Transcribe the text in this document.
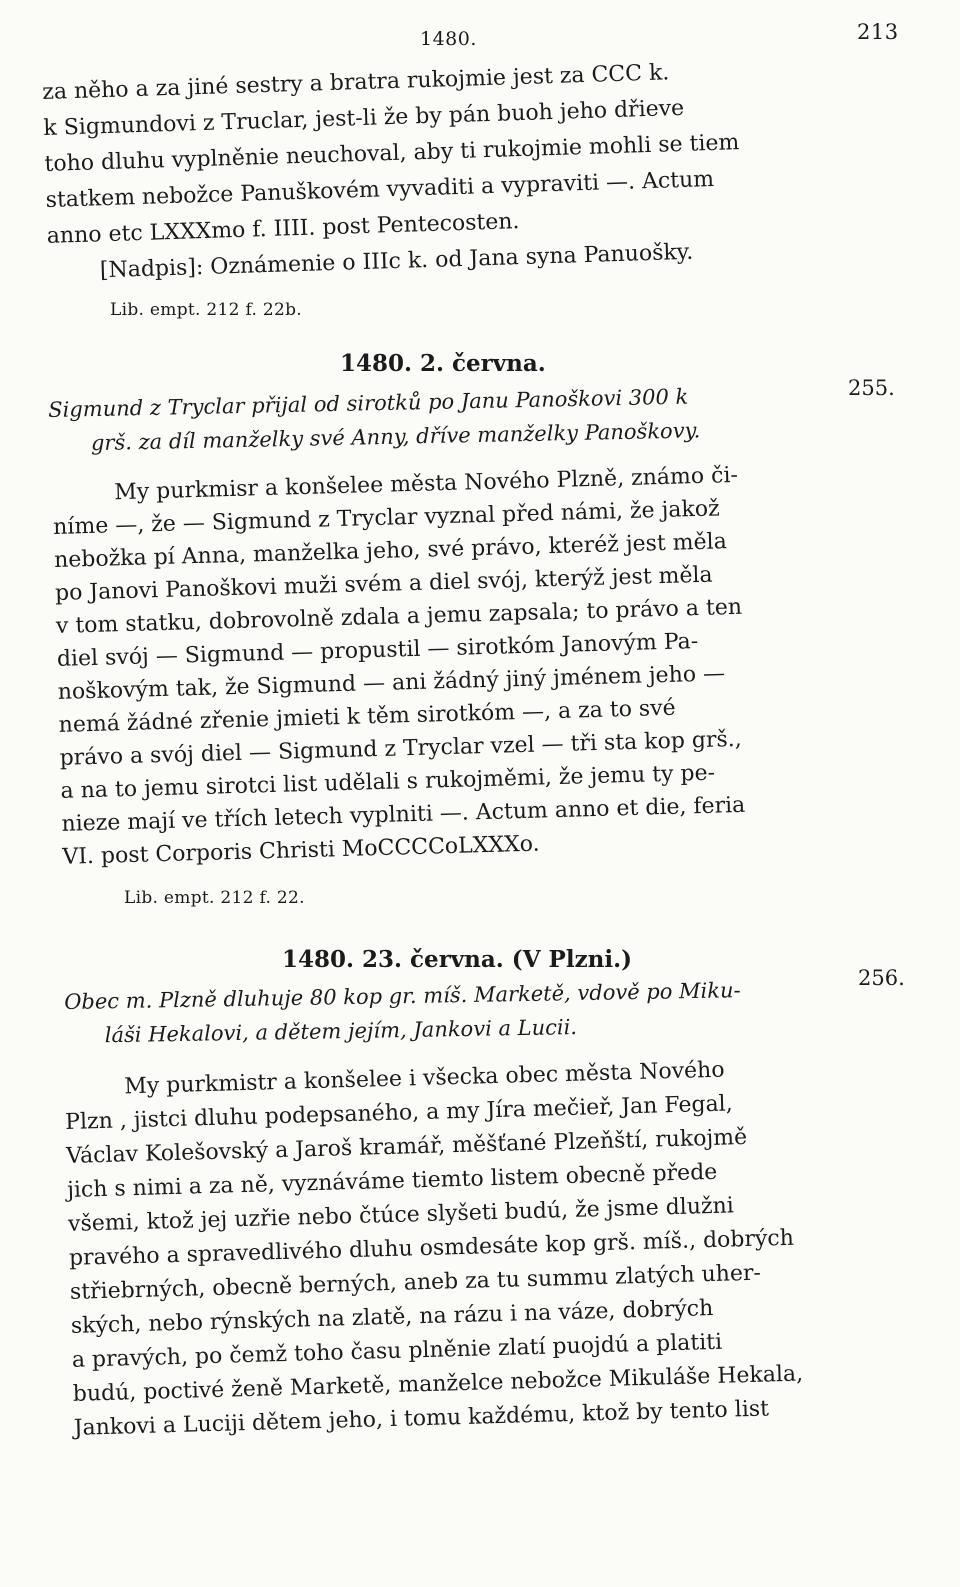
1480.	213
za něho a za jiné sestry a bratra rukojmie jest za CCC k.
k Sigmundovi z Truclar, jest-li že by pán buoh jeho dřieve
toho dluhu vyplněnie neuchoval, aby ti rukojmie mohli se tiem
statkem nebožce Panuškovém vyvaditi a vypraviti —. Actum
anno etc LXXXmo f. IIII. post Pentecosten.
[Nadpis]: Oznámenie o IIIc k. od Jana syna Panuošky.
Lib. empt. 212 f. 22b.
1480. 2. června.
255.
Sigmund z Tryclar přijal od sirotků po Janu Panoškovi 300 k
grš. za díl manželky své Anny, dříve manželky Panoškovy.
My purkmisr a konšelee města Nového Plzně, známo či-
níme —, že — Sigmund z Tryclar vyznal před námi, že jakož
nebožka pí Anna, manželka jeho, své právo, kteréž jest měla
po Janovi Panoškovi muži svém a diel svój, kterýž jest měla
v tom statku, dobrovolně zdala a jemu zapsala; to právo a ten
diel svój — Sigmund — propustil — sirotkóm Janovým Pa-
noškovým tak, že Sigmund — ani žádný jiný jménem jeho —
nemá žádné zřenie jmieti k těm sirotkóm —, a za to své
právo a svój diel — Sigmund z Tryclar vzel — tři sta kop grš.,
a na to jemu sirotci list udělali s rukojměmi, že jemu ty pe-
nieze mají ve třích letech vyplniti —. Actum anno et die, feria
VI. post Corporis Christi MoCCCCoLXXXo.
Lib. empt. 212 f. 22.
1480. 23. června. (V Plzni.)
256.
Obec m. Plzně dluhuje 80 kop gr. míš. Marketě, vdově po Miku-
láši Hekalovi, a dětem jejím, Jankovi a Lucii.
My purkmistr a konšelee i všecka obec města Nového
Plzn , jistci dluhu podepsaného, a my Jíra mečieř, Jan Fegal,
Václav Kolešovský a Jaroš kramář, měšťané Plzeňští, rukojmě
jich s nimi a za ně, vyznáváme tiemto listem obecně přede
všemi, ktož jej uzřie nebo čtúce slyšeti budú, že jsme dlužni
pravého a spravedlivého dluhu osmdesáte kop grš. míš., dobrých
střiebrných, obecně berných, aneb za tu summu zlatých uher-
ských, nebo rýnských na zlatě, na rázu i na váze, dobrých
a pravých, po čemž toho času plněnie zlatí puojdú a platiti
budú, poctivé ženě Marketě, manželce nebožce Mikuláše Hekala,
Jankovi a Luciji dětem jeho, i tomu každému, ktož by tento list
